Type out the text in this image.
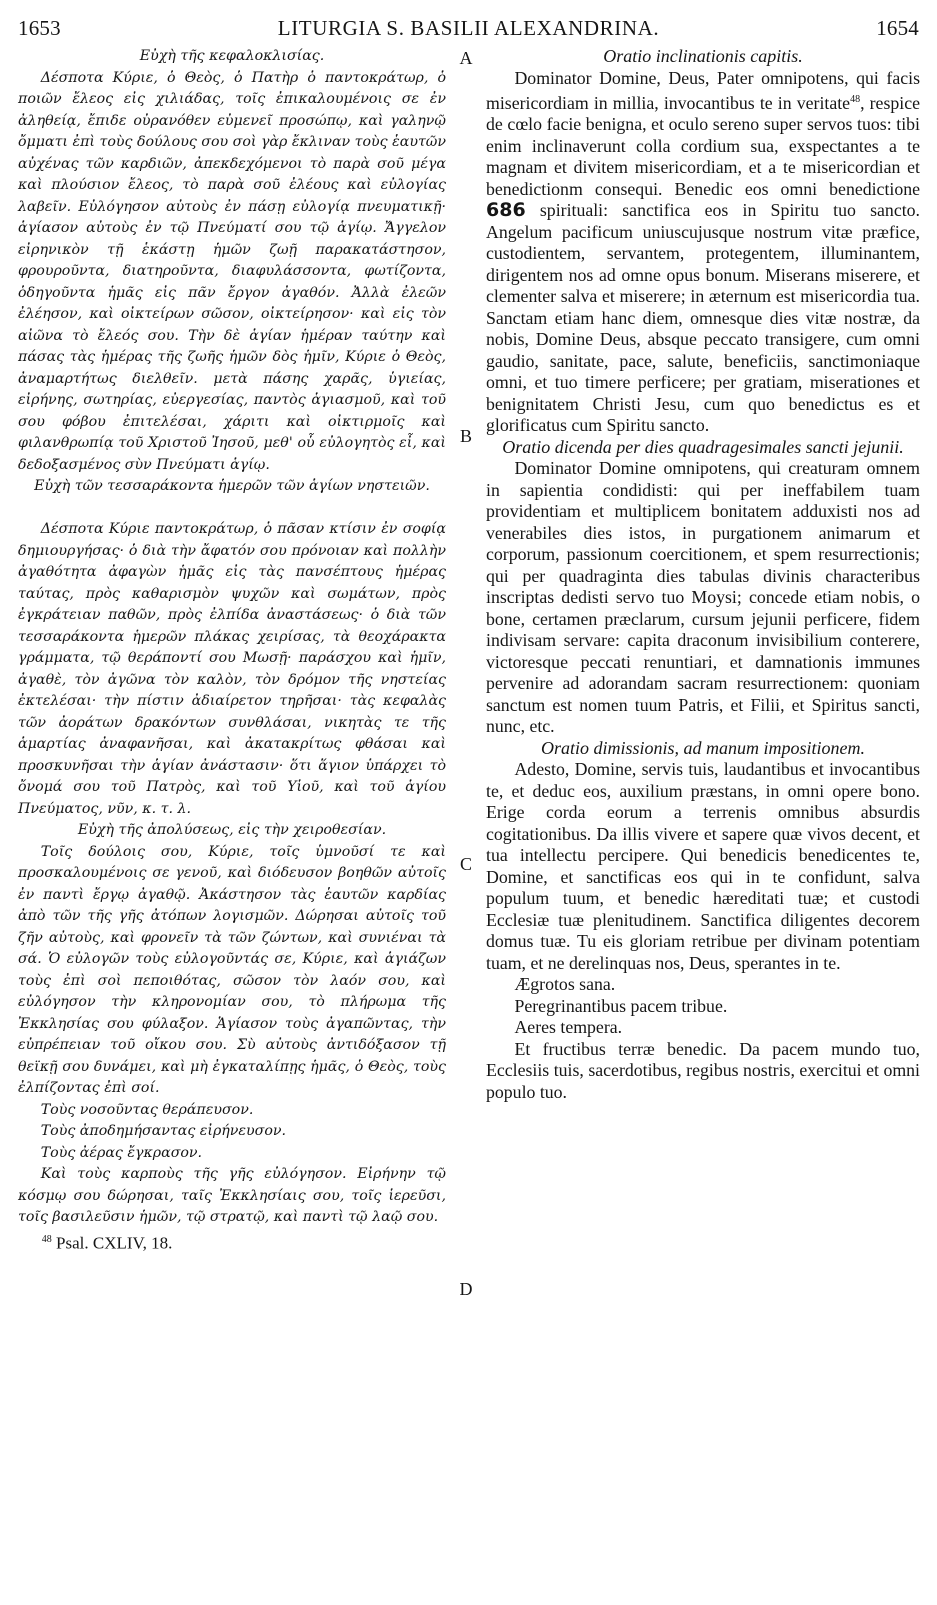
1653	LITURGIA S. BASILII ALEXANDRINA.	1654

Εὐχὴ τῆς κεφαλοκλισίας.

Δέσποτα Κύριε, ὁ Θεὸς, ὁ Πατὴρ ὁ παντοκράτωρ, ὁ ποιῶν ἔλεος εἰς χιλιάδας, τοῖς ἐπικαλουμένοις σε ἐν ἀληθείᾳ, ἔπιδε οὐρανόθεν εὐμενεῖ προσώπῳ, καὶ γαληνῷ ὄμματι ἐπὶ τοὺς δούλους σου σοὶ γὰρ ἔκλιναν τοὺς ἑαυτῶν αὐχένας τῶν καρδιῶν, ἀπεκδεχόμενοι τὸ παρὰ σοῦ μέγα καὶ πλούσιον ἔλεος, τὸ παρὰ σοῦ ἐλέους καὶ εὐλογίας λαβεῖν. Εὐλόγησον αὐτοὺς ἐν πάσῃ εὐλογίᾳ πνευματικῇ· ἁγίασον αὐτοὺς ἐν τῷ Πνεύματί σου τῷ ἁγίῳ. Ἄγγελον εἰρηνικὸν τῇ ἑκάστῃ ἡμῶν ζωῇ παρακατάστησον, φρουροῦντα, διατηροῦντα, διαφυλάσσοντα, φωτίζοντα, ὁδηγοῦντα ἡμᾶς εἰς πᾶν ἔργον ἀγαθόν. Ἀλλὰ ἐλεῶν ἐλέησον, καὶ οἰκτείρων σῶσον, οἰκτείρησον· καὶ εἰς τὸν αἰῶνα τὸ ἔλεός σου. Τὴν δὲ ἁγίαν ἡμέραν ταύτην καὶ πάσας τὰς ἡμέρας τῆς ζωῆς ἡμῶν δὸς ἡμῖν, Κύριε ὁ Θεὸς, ἀναμαρτήτως διελθεῖν. μετὰ πάσης χαρᾶς, ὑγιείας, εἰρήνης, σωτηρίας, εὐεργεσίας, παντὸς ἁγιασμοῦ, καὶ τοῦ σου φόβου ἐπιτελέσαι, χάριτι καὶ οἰκτιρμοῖς καὶ φιλανθρωπίᾳ τοῦ Χριστοῦ Ἰησοῦ, μεθ' οὗ εὐλογητὸς εἶ, καὶ δεδοξασμένος σὺν Πνεύματι ἁγίῳ.

Εὐχὴ τῶν τεσσαράκοντα ἡμερῶν τῶν ἁγίων νηστειῶν.

Δέσποτα Κύριε παντοκράτωρ, ὁ πᾶσαν κτίσιν ἐν σοφίᾳ δημιουργήσας· ὁ διὰ τὴν ἄφατόν σου πρόνοιαν καὶ πολλὴν ἀγαθότητα ἀφαγὼν ἡμᾶς εἰς τὰς πανσέπτους ἡμέρας ταύτας, πρὸς καθαρισμὸν ψυχῶν καὶ σωμάτων, πρὸς ἐγκράτειαν παθῶν, πρὸς ἐλπίδα ἀναστάσεως· ὁ διὰ τῶν τεσσαράκοντα ἡμερῶν πλάκας χειρίσας, τὰ θεοχάρακτα γράμματα, τῷ θεράποντί σου Μωσῇ· παράσχου καὶ ἡμῖν, ἀγαθὲ, τὸν ἀγῶνα τὸν καλὸν, τὸν δρόμον τῆς νηστείας ἐκτελέσαι· τὴν πίστιν ἀδιαίρετον τηρῆσαι· τὰς κεφαλὰς τῶν ἀοράτων δρακόντων συνθλάσαι, νικητὰς τε τῆς ἁμαρτίας ἀναφανῆσαι, καὶ ἀκατακρίτως φθάσαι καὶ προσκυνῆσαι τὴν ἁγίαν ἀνάστασιν· ὅτι ἅγιον ὑπάρχει τὸ ὄνομά σου τοῦ Πατρὸς, καὶ τοῦ Υἱοῦ, καὶ τοῦ ἁγίου Πνεύματος, νῦν, κ. τ. λ.

Εὐχὴ τῆς ἀπολύσεως, εἰς τὴν χειροθεσίαν.

Τοῖς δούλοις σου, Κύριε, τοῖς ὑμνοῦσί τε καὶ προσκαλουμένοις σε γενοῦ, καὶ διόδευσον βοηθῶν αὐτοῖς ἐν παντὶ ἔργῳ ἀγαθῷ. Ἀκάστησον τὰς ἑαυτῶν καρδίας ἀπὸ τῶν τῆς γῆς ἀτόπων λογισμῶν. Δώρησαι αὐτοῖς τοῦ ζῆν αὐτοὺς, καὶ φρονεῖν τὰ τῶν ζώντων, καὶ συνιέναι τὰ σά. Ὁ εὐλογῶν τοὺς εὐλογοῦντάς σε, Κύριε, καὶ ἁγιάζων τοὺς ἐπὶ σοὶ πεποιθότας, σῶσον τὸν λαόν σου, καὶ εὐλόγησον τὴν κληρονομίαν σου, τὸ πλήρωμα τῆς Ἐκκλησίας σου φύλαξον. Ἁγίασον τοὺς ἀγαπῶντας, τὴν εὐπρέπειαν τοῦ οἴκου σου. Σὺ αὐτοὺς ἀντιδόξασον τῇ θεϊκῇ σου δυνάμει, καὶ μὴ ἐγκαταλίπῃς ἡμᾶς, ὁ Θεὸς, τοὺς ἐλπίζοντας ἐπὶ σοί.

Τοὺς νοσοῦντας θεράπευσον.

Τοὺς ἀποδημήσαντας εἰρήνευσον.

Τοὺς ἀέρας ἔγκρασον.

Καὶ τοὺς καρποὺς τῆς γῆς εὐλόγησον. Εἰρήνην τῷ κόσμῳ σου δώρησαι, ταῖς Ἐκκλησίαις σου, τοῖς ἱερεῦσι, τοῖς βασιλεῦσιν ἡμῶν, τῷ στρατῷ, καὶ παντὶ τῷ λαῷ σου.

$^{48}$ Psal. CXLIV, 18.

A
B
C
D

Oratio inclinationis capitis.

Dominator Domine, Deus, Pater omnipotens, qui facis misericordiam in millia, invocantibus te in veritate$^{48}$, respice de cœlo facie benigna, et oculo sereno super servos tuos: tibi enim inclinaverunt colla cordium sua, exspectantes a te magnam et divitem misericordiam, et a te misericordian et benedictionm consequi. Benedic eos omni benedictione 686 spirituali: sanctifica eos in Spiritu tuo sancto. Angelum pacificum uniuscujusque nostrum vitæ præfice, custodientem, servantem, protegentem, illuminantem, dirigentem nos ad omne opus bonum. Miserans miserere, et clementer salva et miserere; in æternum est misericordia tua. Sanctam etiam hanc diem, omnesque dies vitæ nostræ, da nobis, Domine Deus, absque peccato transigere, cum omni gaudio, sanitate, pace, salute, beneficiis, sanctimoniaque omni, et tuo timere perficere; per gratiam, miserationes et benignitatem Christi Jesu, cum quo benedictus es et glorificatus cum Spiritu sancto.

Oratio dicenda per dies quadragesimales sancti jejunii.

Dominator Domine omnipotens, qui creaturam omnem in sapientia condidisti: qui per ineffabilem tuam providentiam et multiplicem bonitatem adduxisti nos ad venerabiles dies istos, in purgationem animarum et corporum, passionum coercitionem, et spem resurrectionis; qui per quadraginta dies tabulas divinis characteribus inscriptas dedisti servo tuo Moysi; concede etiam nobis, o bone, certamen præclarum, cursum jejunii perficere, fidem indivisam servare: capita draconum invisibilium conterere, victoresque peccati renuntiari, et damnationis immunes pervenire ad adorandam sacram resurrectionem: quoniam sanctum est nomen tuum Patris, et Filii, et Spiritus sancti, nunc, etc.

Oratio dimissionis, ad manum impositionem.

Adesto, Domine, servis tuis, laudantibus et invocantibus te, et deduc eos, auxilium præstans, in omni opere bono. Erige corda eorum a terrenis omnibus absurdis cogitationibus. Da illis vivere et sapere quæ vivos decent, et tua intellectu percipere. Qui benedicis benedicentes te, Domine, et sanctificas eos qui in te confidunt, salva populum tuum, et benedic hæreditati tuæ; et custodi Ecclesiæ tuæ plenitudinem. Sanctifica diligentes decorem domus tuæ. Tu eis gloriam retribue per divinam potentiam tuam, et ne derelinquas nos, Deus, sperantes in te.

Ægrotos sana.

Peregrinantibus pacem tribue.

Aeres tempera.

Et fructibus terræ benedic. Da pacem mundo tuo, Ecclesiis tuis, sacerdotibus, regibus nostris, exercitui et omni populo tuo.
